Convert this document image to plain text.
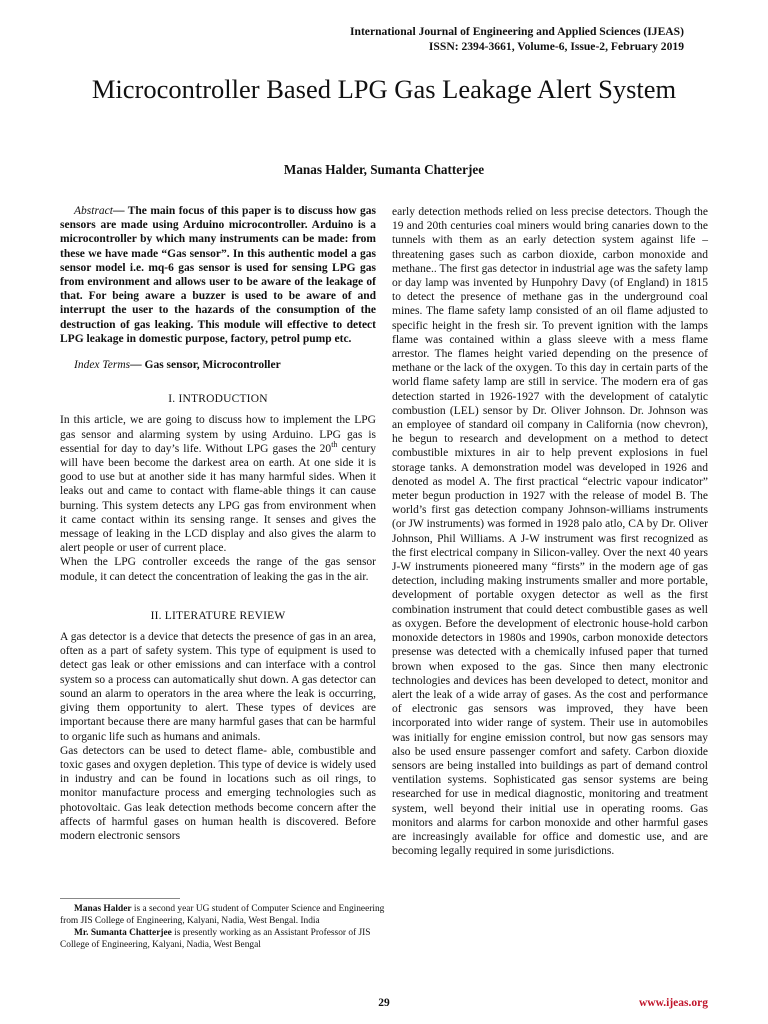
International Journal of Engineering and Applied Sciences (IJEAS)
ISSN: 2394-3661, Volume-6, Issue-2, February 2019
Microcontroller Based LPG Gas Leakage Alert System
Manas Halder, Sumanta Chatterjee

Abstract— The main focus of this paper is to discuss how gas sensors are made using Arduino microcontroller. Arduino is a microcontroller by which many instruments can be made: from these we have made “Gas sensor”. In this authentic model a gas sensor model i.e. mq-6 gas sensor is used for sensing LPG gas from environment and allows user to be aware of the leakage of that. For being aware a buzzer is used to be aware of and interrupt the user to the hazards of the consumption of the destruction of gas leaking. This module will effective to detect LPG leakage in domestic purpose, factory, petrol pump etc.

Index Terms— Gas sensor, Microcontroller

I. INTRODUCTION

In this article, we are going to discuss how to implement the LPG gas sensor and alarming system by using Arduino. LPG gas is essential for day to day’s life. Without LPG gases the 20th century will have been become the darkest area on earth. At one side it is good to use but at another side it has many harmful sides. When it leaks out and came to contact with flame-able things it can cause burning. This system detects any LPG gas from environment when it came contact within its sensing range. It senses and gives the message of leaking in the LCD display and also gives the alarm to alert people or user of current place.

When the LPG controller exceeds the range of the gas sensor module, it can detect the concentration of leaking the gas in the air.

II. LITERATURE REVIEW

A gas detector is a device that detects the presence of gas in an area, often as a part of safety system. This type of equipment is used to detect gas leak or other emissions and can interface with a control system so a process can automatically shut down. A gas detector can sound an alarm to operators in the area where the leak is occurring, giving them opportunity to alert. These types of devices are important because there are many harmful gases that can be harmful to organic life such as humans and animals.

Gas detectors can be used to detect flame- able, combustible and toxic gases and oxygen depletion. This type of device is widely used in industry and can be found in locations such as oil rings, to monitor manufacture process and emerging technologies such as photovoltaic. Gas leak detection methods become concern after the affects of harmful gases on human health is discovered. Before modern electronic sensors

Manas Halder is a second year UG student of Computer Science and Engineering from JIS College of Engineering, Kalyani, Nadia, West Bengal. India

Mr. Sumanta Chatterjee is presently working as an Assistant Professor of JIS College of Engineering, Kalyani, Nadia, West Bengal

early detection methods relied on less precise detectors. Though the 19 and 20th centuries coal miners would bring canaries down to the tunnels with them as an early detection system against life –threatening gases such as carbon dioxide, carbon monoxide and methane.. The first gas detector in industrial age was the safety lamp or day lamp was invented by Hunpohry Davy (of England) in 1815 to detect the presence of methane gas in the underground coal mines. The flame safety lamp consisted of an oil flame adjusted to specific height in the fresh sir. To prevent ignition with the lamps flame was contained within a glass sleeve with a mess flame arrestor. The flames height varied depending on the presence of methane or the lack of the oxygen. To this day in certain parts of the world flame safety lamp are still in service. The modern era of gas detection started in 1926-1927 with the development of catalytic combustion (LEL) sensor by Dr. Oliver Johnson. Dr. Johnson was an employee of standard oil company in California (now chevron), he begun to research and development on a method to detect combustible mixtures in air to help prevent explosions in fuel storage tanks. A demonstration model was developed in 1926 and denoted as model A. The first practical “electric vapour indicator” meter begun production in 1927 with the release of model B. The world’s first gas detection company Johnson-williams instruments (or JW instruments) was formed in 1928 palo atlo, CA by Dr. Oliver Johnson, Phil Williams. A J-W instrument was first recognized as the first electrical company in Silicon-valley. Over the next 40 years J-W instruments pioneered many “firsts” in the modern age of gas detection, including making instruments smaller and more portable, development of portable oxygen detector as well as the first combination instrument that could detect combustible gases as well as oxygen. Before the development of electronic house-hold carbon monoxide detectors in 1980s and 1990s, carbon monoxide detectors presense was detected with a chemically infused paper that turned brown when exposed to the gas. Since then many electronic technologies and devices has been developed to detect, monitor and alert the leak of a wide array of gases. As the cost and performance of electronic gas sensors was improved, they have been incorporated into wider range of system. Their use in automobiles was initially for engine emission control, but now gas sensors may also be used ensure passenger comfort and safety. Carbon dioxide sensors are being installed into buildings as part of demand control ventilation systems. Sophisticated gas sensor systems are being researched for use in medical diagnostic, monitoring and treatment system, well beyond their initial use in operating rooms. Gas monitors and alarms for carbon monoxide and other harmful gases are increasingly available for office and domestic use, and are becoming legally required in some jurisdictions.

29	www.ijeas.org
